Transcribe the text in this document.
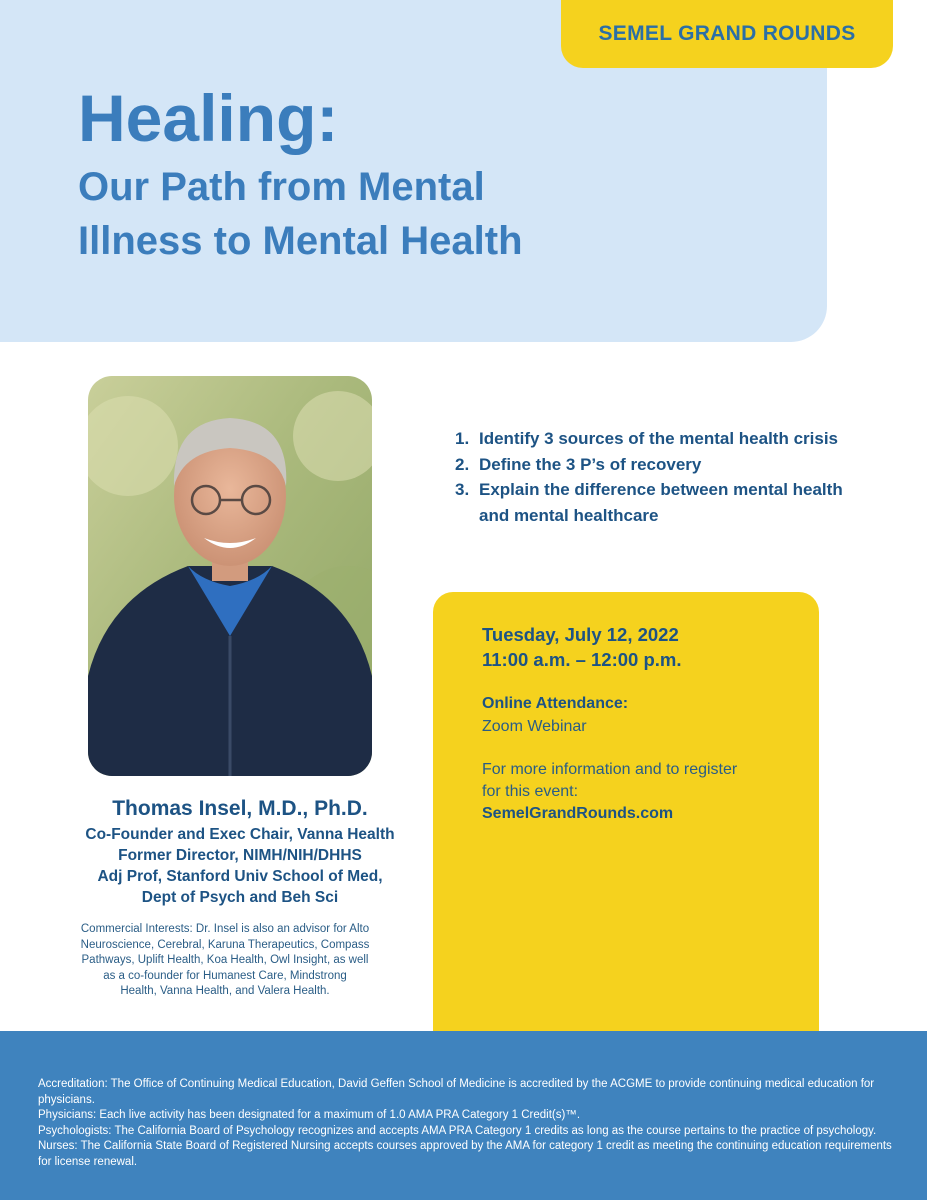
SEMEL GRAND ROUNDS
Healing:
Our Path from Mental
Illness to Mental Health
Thomas Insel, M.D., Ph.D.
Co-Founder and Exec Chair, Vanna Health
Former Director, NIMH/NIH/DHHS
Adj Prof, Stanford Univ School of Med,
Dept of Psych and Beh Sci
Commercial Interests: Dr. Insel is also an advisor for Alto
Neuroscience, Cerebral, Karuna Therapeutics, Compass
Pathways, Uplift Health, Koa Health, Owl Insight, as well
as a co-founder for Humanest Care, Mindstrong
Health, Vanna Health, and Valera Health.
1. Identify 3 sources of the mental health crisis
2. Define the 3 P’s of recovery
3. Explain the difference between mental health and mental healthcare
Tuesday, July 12, 2022
11:00 a.m. – 12:00 p.m.
Online Attendance:
Zoom Webinar
For more information and to register
for this event:
SemelGrandRounds.com

Accreditation: The Office of Continuing Medical Education, David Geffen School of Medicine is accredited by the ACGME to provide continuing medical education for physicians.

Physicians: Each live activity has been designated for a maximum of 1.0 AMA PRA Category 1 Credit(s)™.

Psychologists: The California Board of Psychology recognizes and accepts AMA PRA Category 1 credits as long as the course pertains to the practice of psychology.

Nurses: The California State Board of Registered Nursing accepts courses approved by the AMA for category 1 credit as meeting the continuing education requirements for license renewal.
